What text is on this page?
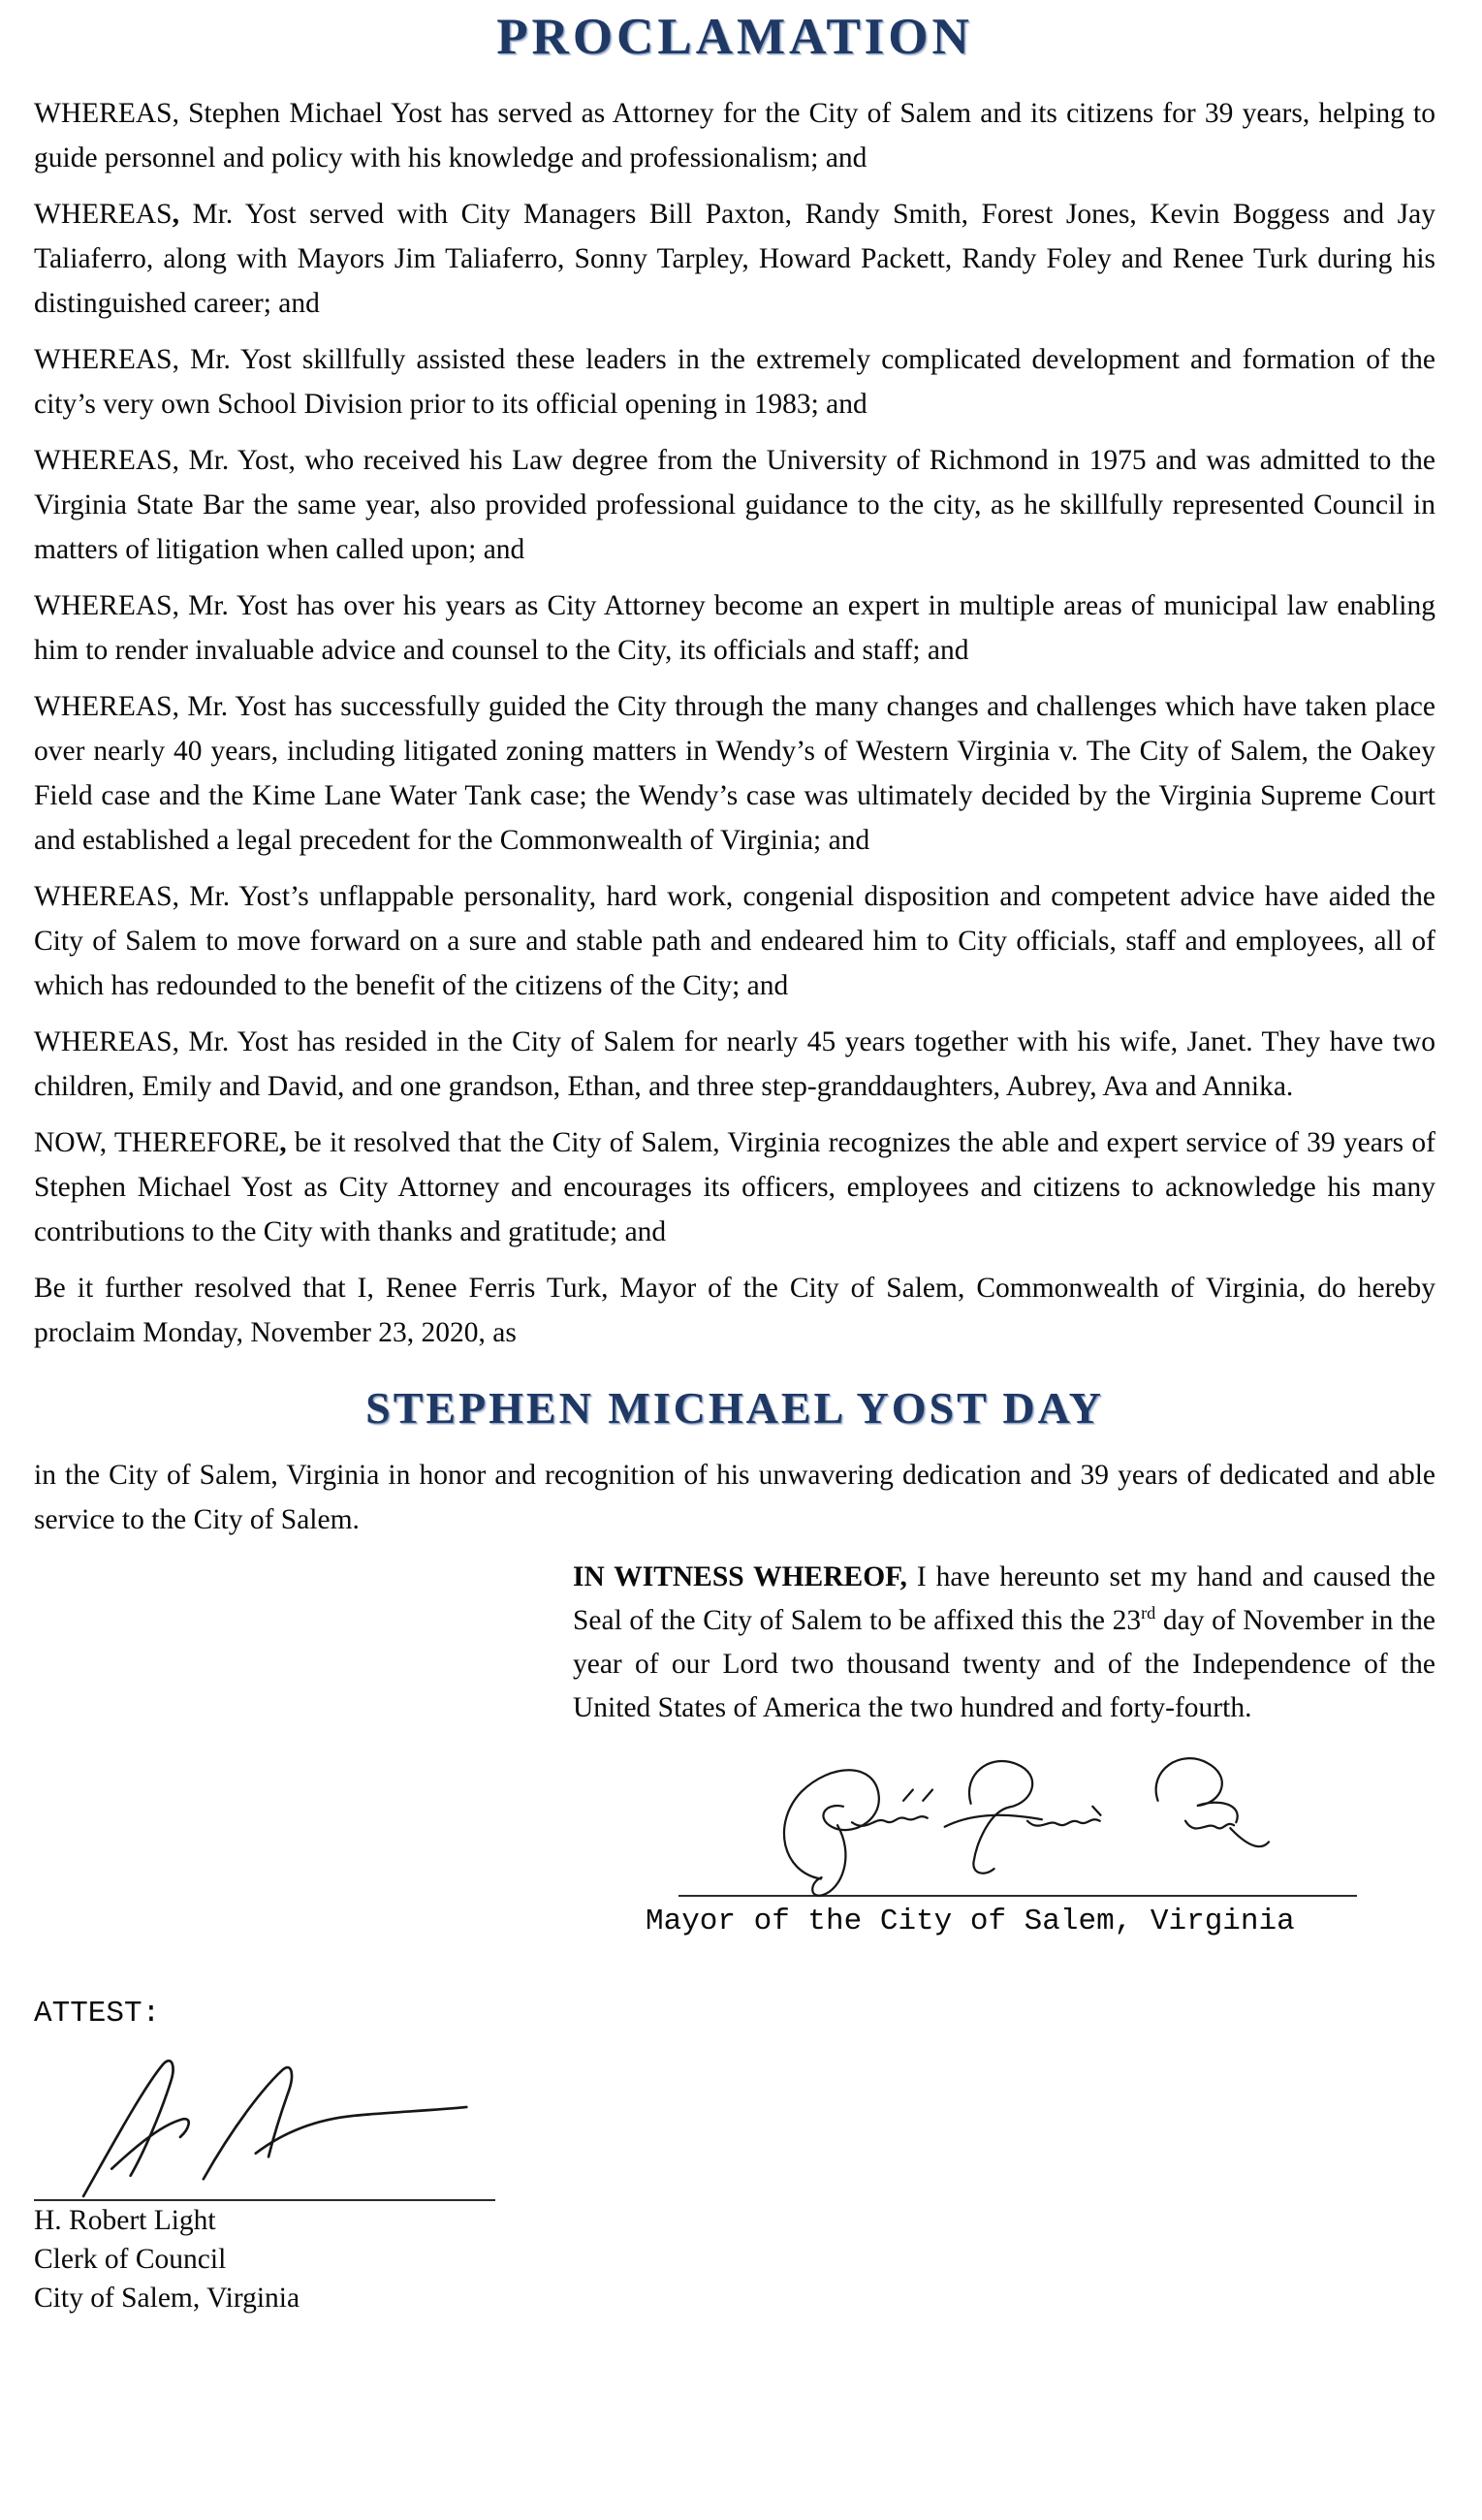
PROCLAMATION

WHEREAS, Stephen Michael Yost has served as Attorney for the City of Salem and its citizens for 39 years, helping to guide personnel and policy with his knowledge and professionalism; and

WHEREAS, Mr. Yost served with City Managers Bill Paxton, Randy Smith, Forest Jones, Kevin Boggess and Jay Taliaferro, along with Mayors Jim Taliaferro, Sonny Tarpley, Howard Packett, Randy Foley and Renee Turk during his distinguished career; and

WHEREAS, Mr. Yost skillfully assisted these leaders in the extremely complicated development and formation of the city’s very own School Division prior to its official opening in 1983; and

WHEREAS, Mr. Yost, who received his Law degree from the University of Richmond in 1975 and was admitted to the Virginia State Bar the same year, also provided professional guidance to the city, as he skillfully represented Council in matters of litigation when called upon; and

WHEREAS, Mr. Yost has over his years as City Attorney become an expert in multiple areas of municipal law enabling him to render invaluable advice and counsel to the City, its officials and staff; and

WHEREAS, Mr. Yost has successfully guided the City through the many changes and challenges which have taken place over nearly 40 years, including litigated zoning matters in Wendy’s of Western Virginia v. The City of Salem, the Oakey Field case and the Kime Lane Water Tank case; the Wendy’s case was ultimately decided by the Virginia Supreme Court and established a legal precedent for the Commonwealth of Virginia; and

WHEREAS, Mr. Yost’s unflappable personality, hard work, congenial disposition and competent advice have aided the City of Salem to move forward on a sure and stable path and endeared him to City officials, staff and employees, all of which has redounded to the benefit of the citizens of the City; and

WHEREAS, Mr. Yost has resided in the City of Salem for nearly 45 years together with his wife, Janet. They have two children, Emily and David, and one grandson, Ethan, and three step-granddaughters, Aubrey, Ava and Annika.

NOW, THEREFORE, be it resolved that the City of Salem, Virginia recognizes the able and expert service of 39 years of Stephen Michael Yost as City Attorney and encourages its officers, employees and citizens to acknowledge his many contributions to the City with thanks and gratitude; and

Be it further resolved that I, Renee Ferris Turk, Mayor of the City of Salem, Commonwealth of Virginia, do hereby proclaim Monday, November 23, 2020, as

STEPHEN MICHAEL YOST DAY

in the City of Salem, Virginia in honor and recognition of his unwavering dedication and 39 years of dedicated and able service to the City of Salem.

IN WITNESS WHEREOF, I have hereunto set my hand and caused the Seal of the City of Salem to be affixed this the 23rd day of November in the year of our Lord two thousand twenty and of the Independence of the United States of America the two hundred and forty-fourth.

Mayor of the City of Salem, Virginia
ATTEST:

H. Robert Light

Clerk of Council

City of Salem, Virginia
